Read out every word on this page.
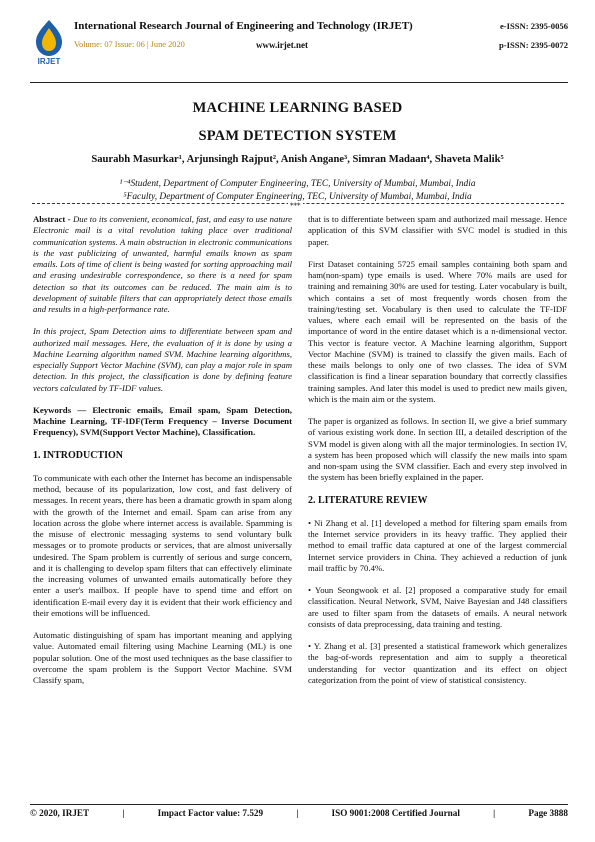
IRJET
International Research Journal of Engineering and Technology (IRJET)
Volume: 07 Issue: 06 | June 2020	www.irjet.net
e-ISSN: 2395-0056
p-ISSN: 2395-0072
MACHINE LEARNING BASED
SPAM DETECTION SYSTEM
Saurabh Masurkar¹, Arjunsingh Rajput², Anish Angane³, Simran Madaan⁴, Shaveta Malik⁵
¹⁻⁴Student, Department of Computer Engineering, TEC, University of Mumbai, Mumbai, India
⁵Faculty, Department of Computer Engineering, TEC, University of Mumbai, Mumbai, India
***

Abstract - Due to its convenient, economical, fast, and easy to use nature Electronic mail is a vital revolution taking place over traditional communication systems. A main obstruction in electronic communications is the vast publicizing of unwanted, harmful emails known as spam emails. Lots of time of client is being wasted for sorting approaching mail and erasing undesirable correspondence, so there is a need for spam detection so that its outcomes can be reduced. The main aim is to development of suitable filters that can appropriately detect those emails and results in a high-performance rate.

In this project, Spam Detection aims to differentiate between spam and authorized mail messages. Here, the evaluation of it is done by using a Machine Learning algorithm named SVM. Machine learning algorithms, especially Support Vector Machine (SVM), can play a major role in spam detection. In this project, the classification is done by defining feature vectors calculated by TF-IDF values.

Keywords — Electronic emails, Email spam, Spam Detection, Machine Learning, TF-IDF(Term Frequency – Inverse Document Frequency), SVM(Support Vector Machine), Classification.

1. INTRODUCTION

To communicate with each other the Internet has become an indispensable method, because of its popularization, low cost, and fast delivery of messages. In recent years, there has been a dramatic growth in spam along with the growth of the Internet and email. Spam can arise from any location across the globe where internet access is available. Spamming is the misuse of electronic messaging systems to send voluntary bulk messages or to promote products or services, that are almost universally undesired. The Spam problem is currently of serious and surge concern, and it is challenging to develop spam filters that can effectively eliminate the increasing volumes of unwanted emails automatically before they enter a user's mailbox. If people have to spend time and effort on identification E-mail every day it is evident that their work efficiency and their emotions will be influenced.

Automatic distinguishing of spam has important meaning and applying value. Automated email filtering using Machine Learning (ML) is one popular solution. One of the most used techniques as the base classifier to overcome the spam problem is the Support Vector Machine. SVM Classify spam,

that is to differentiate between spam and authorized mail message. Hence application of this SVM classifier with SVC model is studied in this paper.

First Dataset containing 5725 email samples containing both spam and ham(non-spam) type emails is used. Where 70% mails are used for training and remaining 30% are used for testing. Later vocabulary is built, which contains a set of most frequently words chosen from the training/testing set. Vocabulary is then used to calculate the TF-IDF values, where each email will be represented on the basis of the importance of word in the entire dataset which is a n-dimensional vector. This vector is feature vector. A Machine learning algorithm, Support Vector Machine (SVM) is trained to classify the given mails. Each of these mails belongs to only one of two classes. The idea of SVM classification is find a linear separation boundary that correctly classifies training samples. And later this model is used to predict new mails given, which is the main aim or the system.

The paper is organized as follows. In section II, we give a brief summary of various existing work done. In section III, a detailed description of the SVM model is given along with all the major terminologies. In section IV, a system has been proposed which will classify the new mails into spam and non-spam using the SVM classifier. Each and every step involved in the system has been briefly explained in the paper.

2. LITERATURE REVIEW

• Ni Zhang et al. [1] developed a method for filtering spam emails from the Internet service providers in its heavy traffic. They applied their method to email traffic data captured at one of the largest commercial Internet service providers in China. They achieved a reduction of junk mail traffic by 70.4%.

• Youn Seongwook et al. [2] proposed a comparative study for email classification. Neural Network, SVM, Naive Bayesian and J48 classifiers are used to filter spam from the datasets of emails. A neural network consists of data preprocessing, data training and testing.

• Y. Zhang et al. [3] presented a statistical framework which generalizes the bag-of-words representation and aim to supply a theoretical understanding for vector quantization and its effect on object categorization from the point of view of statistical consistency.

© 2020, IRJET	|	Impact Factor value: 7.529	|	ISO 9001:2008 Certified Journal	|	Page 3888
